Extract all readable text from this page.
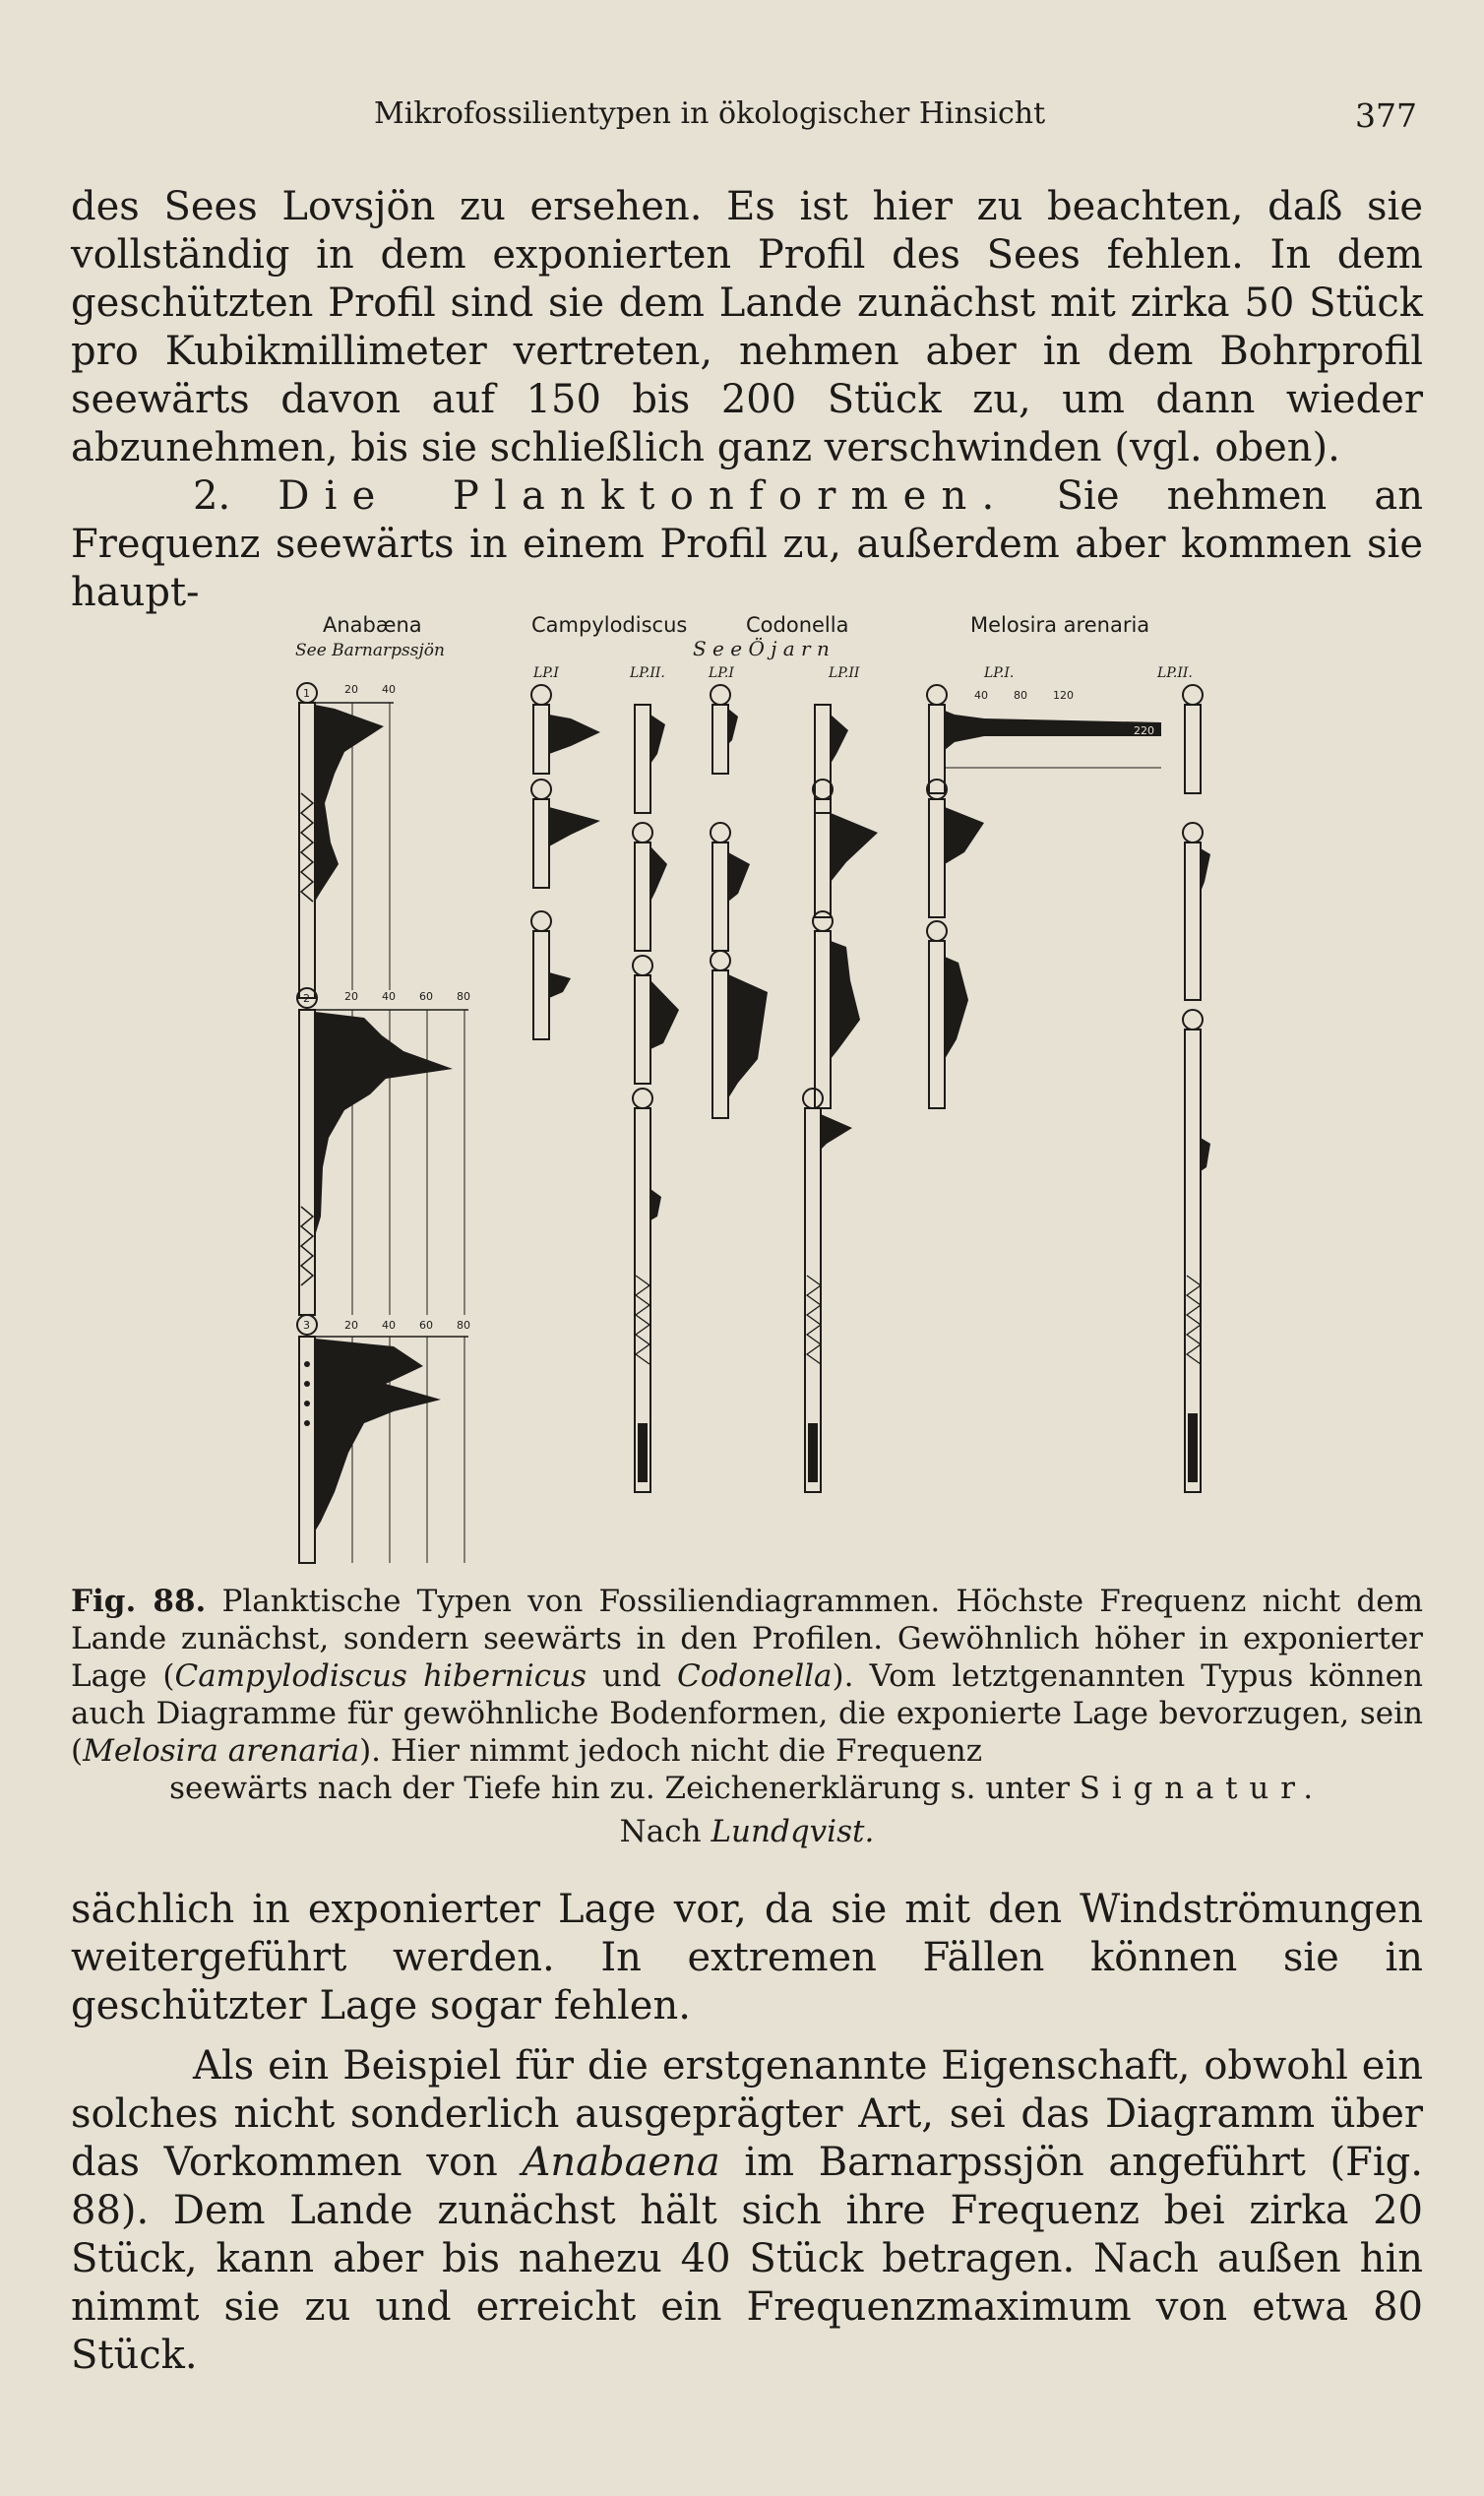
Mikrofossilientypen in ökologischer Hinsicht	377

des Sees Lovsjön zu ersehen. Es ist hier zu beachten, daß sie vollständig in dem exponierten Profil des Sees fehlen. In dem geschützten Profil sind sie dem Lande zunächst mit zirka 50 Stück pro Kubikmillimeter vertreten, nehmen aber in dem Bohrprofil seewärts davon auf 150 bis 200 Stück zu, um dann wieder abzunehmen, bis sie schließlich ganz verschwinden (vgl. oben).

2. Die Planktonformen. Sie nehmen an Frequenz seewärts in einem Profil zu, außerdem aber kommen sie haupt-

Anabæna
See Barnarpssjön
Campylodiscus	Codonella	Melosira arenaria
S e e Ö j a r n
LP.I	LP.II.	LP.I	LP.II	LP.I.	LP.II.
1	20 40
2	20 40 60 80
3	20 40 60 80
40 80 120
220
Fig. 88. Planktische Typen von Fossiliendiagrammen. Höchste Frequenz nicht dem Lande zunächst, sondern seewärts in den Profilen. Gewöhnlich höher in exponierter Lage (Campylodiscus hibernicus und Codonella). Vom letztgenannten Typus können auch Diagramme für gewöhnliche Bodenformen, die exponierte Lage bevorzugen, sein (Melosira arenaria). Hier nimmt jedoch nicht die Frequenz
seewärts nach der Tiefe hin zu. Zeichenerklärung s. unter Signatur.
Nach Lundqvist.

sächlich in exponierter Lage vor, da sie mit den Windströmungen weitergeführt werden. In extremen Fällen können sie in geschützter Lage sogar fehlen.

Als ein Beispiel für die erstgenannte Eigenschaft, obwohl ein solches nicht sonderlich ausgeprägter Art, sei das Diagramm über das Vorkommen von Anabaena im Barnarpssjön angeführt (Fig. 88). Dem Lande zunächst hält sich ihre Frequenz bei zirka 20 Stück, kann aber bis nahezu 40 Stück betragen. Nach außen hin nimmt sie zu und erreicht ein Frequenzmaximum von etwa 80 Stück.
